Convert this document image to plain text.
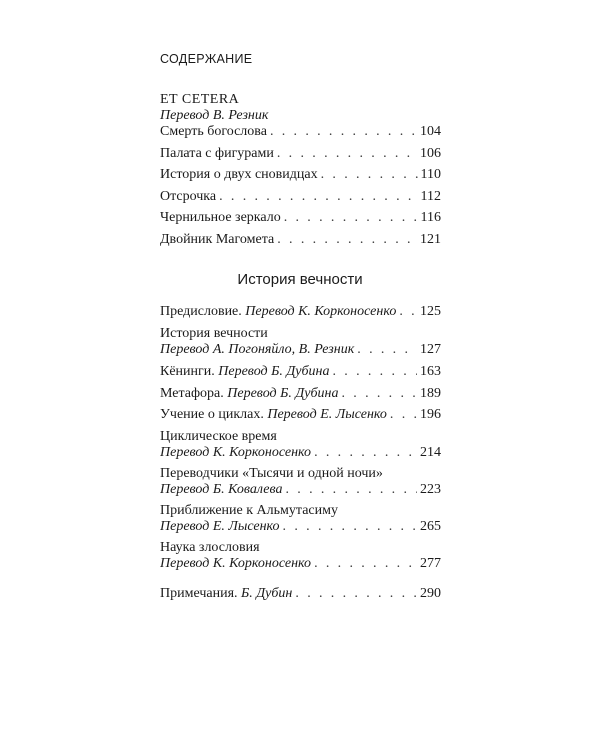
СОДЕРЖАНИЕ
ET CETERA
Перевод В. Резник
Смерть богослова . . .	104
Палата с фигурами . . .	106
История о двух сновидцах . . .	110
Отсрочка . . .	112
Чернильное зеркало . . .	116
Двойник Магомета . . .	121
История вечности
Предисловие. Перевод К. Корконосенко . . . 125
История вечности
Перевод А. Погоняйло, В. Резник . . .	127
Кёнинги. Перевод Б. Дубина . . .	163
Метафора. Перевод Б. Дубина . . .	189
Учение о циклах. Перевод Е. Лысенко . . . 196
Циклическое время
Перевод К. Корконосенко . . .	214
Переводчики «Тысячи и одной ночи»
Перевод Б. Ковалева . . .	223
Приближение к Альмутасиму
Перевод Е. Лысенко . . .	265
Наука злословия
Перевод К. Корконосенко . . .	277
Примечания. Б. Дубин . . .	290
